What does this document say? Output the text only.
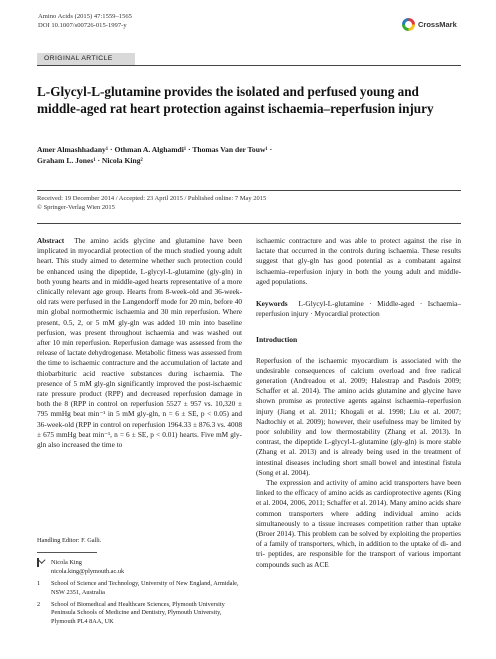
Amino Acids (2015) 47:1559–1565
DOI 10.1007/s00726-015-1997-y	CrossMark
ORIGINAL ARTICLE
L-Glycyl-L-glutamine provides the isolated and perfused young and middle-aged rat heart protection against ischaemia–reperfusion injury
Amer Almashhadany¹ · Othman A. Alghamdi¹ · Thomas Van der Touw¹ ·
Graham L. Jones¹ · Nicola King²
Received: 19 December 2014 / Accepted: 23 April 2015 / Published online: 7 May 2015
© Springer-Verlag Wien 2015

Abstract The amino acids glycine and glutamine have been implicated in myocardial protection of the much studied young adult heart. This study aimed to determine whether such protection could be enhanced using the dipeptide, L-glycyl-L-glutamine (gly-gln) in both young hearts and in middle-aged hearts representative of a more clinically relevant age group. Hearts from 8-week-old and 36-week-old rats were perfused in the Langendorff mode for 20 min, before 40 min global normothermic ischaemia and 30 min reperfusion. Where present, 0.5, 2, or 5 mM gly-gln was added 10 min into baseline perfusion, was present throughout ischaemia and was washed out after 10 min reperfusion. Reperfusion damage was assessed from the release of lactate dehydrogenase. Metabolic fitness was assessed from the time to ischaemic contracture and the accumulation of lactate and thiobarbituric acid reactive substances during ischaemia. The presence of 5 mM gly-gln significantly improved the post-ischaemic rate pressure product (RPP) and decreased reperfusion damage in both the 8 (RPP in control on reperfusion 5527 ± 957 vs. 10,320 ± 795 mmHg beat min⁻¹ in 5 mM gly-gln, n = 6 ± SE, p < 0.05) and 36-week-old (RPP in control on reperfusion 1964.33 ± 876.3 vs. 4008 ± 675 mmHg beat min⁻¹, n = 6 ± SE, p < 0.01) hearts. Five mM gly-gln also increased the time to

ischaemic contracture and was able to protect against the rise in lactate that occurred in the controls during ischaemia. These results suggest that gly-gln has good potential as a combatant against ischaemia–reperfusion injury in both the young adult and middle-aged populations.

Keywords L-Glycyl-L-glutamine · Middle-aged · Ischaemia–reperfusion injury · Myocardial protection

Introduction

Reperfusion of the ischaemic myocardium is associated with the undesirable consequences of calcium overload and free radical generation (Andreadou et al. 2009; Halestrap and Pasdois 2009; Schaffer et al. 2014). The amino acids glutamine and glycine have shown promise as protective agents against ischaemia–reperfusion injury (Jiang et al. 2011; Khogali et al. 1998; Liu et al. 2007; Nadtochiy et al. 2009); however, their usefulness may be limited by poor solubility and low thermostability (Zhang et al. 2013). In contrast, the dipeptide L-glycyl-L-glutamine (gly-gln) is more stable (Zhang et al. 2013) and is already being used in the treatment of intestinal diseases including short small bowel and intestinal fistula (Song et al. 2004).

The expression and activity of amino acid transporters have been linked to the efficacy of amino acids as cardioprotective agents (King et al. 2004, 2006, 2011; Schaffer et al. 2014). Many amino acids share common transporters where adding individual amino acids simultaneously to a tissue increases competition rather than uptake (Broer 2014). This problem can be solved by exploiting the properties of a family of transporters, which, in addition to the uptake of di- and tri- peptides, are responsible for the transport of various important compounds such as ACE

Handling Editor: F. Galli.
Nicola King
nicola.king@plymouth.ac.uk
1	School of Science and Technology, University of New England, Armidale, NSW 2351, Australia
2	School of Biomedical and Healthcare Sciences, Plymouth University Peninsula Schools of Medicine and Dentistry, Plymouth University, Plymouth PL4 8AA, UK
